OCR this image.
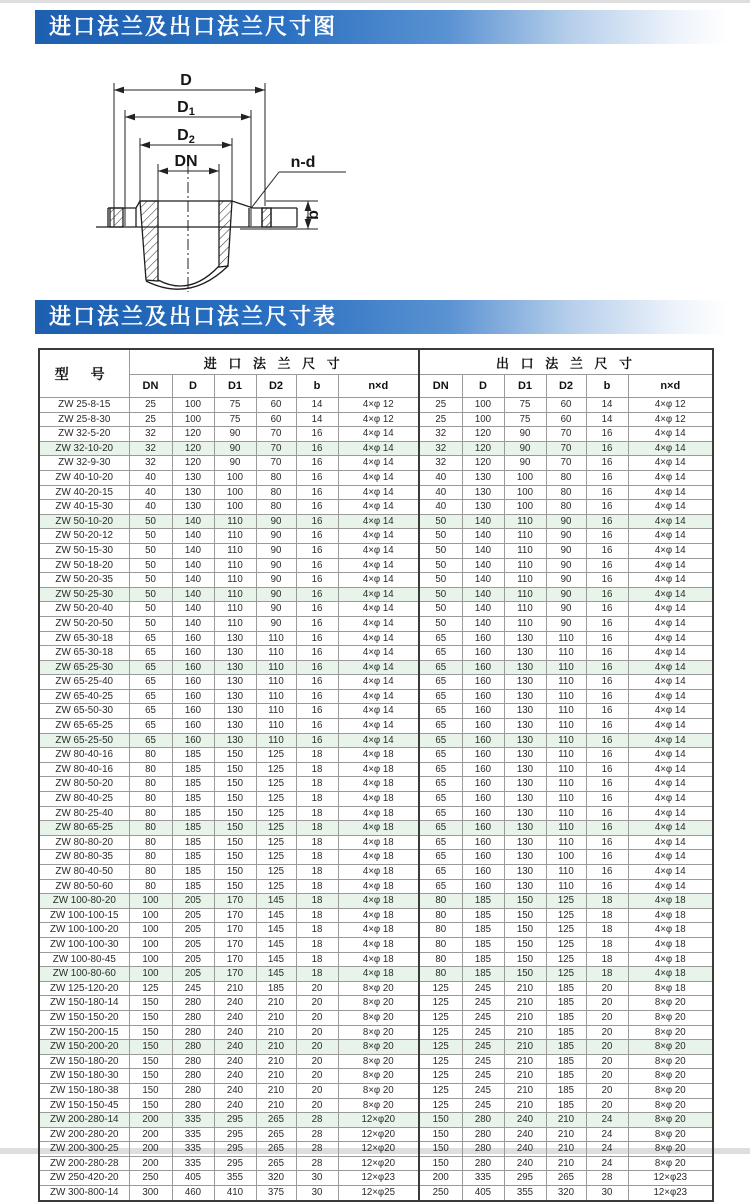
进口法兰及出口法兰尺寸图
D
D1
D2
DN	n-d
b
进口法兰及出口法兰尺寸表
型 号	进 口 法 兰 尺 寸						出 口 法 兰 尺 寸					
	DN	D	D1	D2	b	n×d	DN	D	D1	D2	b	n×d
ZW 25-8-15	25	100	75	60	14	4×φ 12	25	100	75	60	14	4×φ 12
ZW 25-8-30	25	100	75	60	14	4×φ 12	25	100	75	60	14	4×φ 12
ZW 32-5-20	32	120	90	70	16	4×φ 14	32	120	90	70	16	4×φ 14
ZW 32-10-20	32	120	90	70	16	4×φ 14	32	120	90	70	16	4×φ 14
ZW 32-9-30	32	120	90	70	16	4×φ 14	32	120	90	70	16	4×φ 14
ZW 40-10-20	40	130	100	80	16	4×φ 14	40	130	100	80	16	4×φ 14
ZW 40-20-15	40	130	100	80	16	4×φ 14	40	130	100	80	16	4×φ 14
ZW 40-15-30	40	130	100	80	16	4×φ 14	40	130	100	80	16	4×φ 14
ZW 50-10-20	50	140	110	90	16	4×φ 14	50	140	110	90	16	4×φ 14
ZW 50-20-12	50	140	110	90	16	4×φ 14	50	140	110	90	16	4×φ 14
ZW 50-15-30	50	140	110	90	16	4×φ 14	50	140	110	90	16	4×φ 14
ZW 50-18-20	50	140	110	90	16	4×φ 14	50	140	110	90	16	4×φ 14
ZW 50-20-35	50	140	110	90	16	4×φ 14	50	140	110	90	16	4×φ 14
ZW 50-25-30	50	140	110	90	16	4×φ 14	50	140	110	90	16	4×φ 14
ZW 50-20-40	50	140	110	90	16	4×φ 14	50	140	110	90	16	4×φ 14
ZW 50-20-50	50	140	110	90	16	4×φ 14	50	140	110	90	16	4×φ 14
ZW 65-30-18	65	160	130	110	16	4×φ 14	65	160	130	110	16	4×φ 14
ZW 65-30-18	65	160	130	110	16	4×φ 14	65	160	130	110	16	4×φ 14
ZW 65-25-30	65	160	130	110	16	4×φ 14	65	160	130	110	16	4×φ 14
ZW 65-25-40	65	160	130	110	16	4×φ 14	65	160	130	110	16	4×φ 14
ZW 65-40-25	65	160	130	110	16	4×φ 14	65	160	130	110	16	4×φ 14
ZW 65-50-30	65	160	130	110	16	4×φ 14	65	160	130	110	16	4×φ 14
ZW 65-65-25	65	160	130	110	16	4×φ 14	65	160	130	110	16	4×φ 14
ZW 65-25-50	65	160	130	110	16	4×φ 14	65	160	130	110	16	4×φ 14
ZW 80-40-16	80	185	150	125	18	4×φ 18	65	160	130	110	16	4×φ 14
ZW 80-40-16	80	185	150	125	18	4×φ 18	65	160	130	110	16	4×φ 14
ZW 80-50-20	80	185	150	125	18	4×φ 18	65	160	130	110	16	4×φ 14
ZW 80-40-25	80	185	150	125	18	4×φ 18	65	160	130	110	16	4×φ 14
ZW 80-25-40	80	185	150	125	18	4×φ 18	65	160	130	110	16	4×φ 14
ZW 80-65-25	80	185	150	125	18	4×φ 18	65	160	130	110	16	4×φ 14
ZW 80-80-20	80	185	150	125	18	4×φ 18	65	160	130	110	16	4×φ 14
ZW 80-80-35	80	185	150	125	18	4×φ 18	65	160	130	100	16	4×φ 14
ZW 80-40-50	80	185	150	125	18	4×φ 18	65	160	130	110	16	4×φ 14
ZW 80-50-60	80	185	150	125	18	4×φ 18	65	160	130	110	16	4×φ 14
ZW 100-80-20	100	205	170	145	18	4×φ 18	80	185	150	125	18	4×φ 18
ZW 100-100-15	100	205	170	145	18	4×φ 18	80	185	150	125	18	4×φ 18
ZW 100-100-20	100	205	170	145	18	4×φ 18	80	185	150	125	18	4×φ 18
ZW 100-100-30	100	205	170	145	18	4×φ 18	80	185	150	125	18	4×φ 18
ZW 100-80-45	100	205	170	145	18	4×φ 18	80	185	150	125	18	4×φ 18
ZW 100-80-60	100	205	170	145	18	4×φ 18	80	185	150	125	18	4×φ 18
ZW 125-120-20	125	245	210	185	20	8×φ 20	125	245	210	185	20	8×φ 18
ZW 150-180-14	150	280	240	210	20	8×φ 20	125	245	210	185	20	8×φ 20
ZW 150-150-20	150	280	240	210	20	8×φ 20	125	245	210	185	20	8×φ 20
ZW 150-200-15	150	280	240	210	20	8×φ 20	125	245	210	185	20	8×φ 20
ZW 150-200-20	150	280	240	210	20	8×φ 20	125	245	210	185	20	8×φ 20
ZW 150-180-20	150	280	240	210	20	8×φ 20	125	245	210	185	20	8×φ 20
ZW 150-180-30	150	280	240	210	20	8×φ 20	125	245	210	185	20	8×φ 20
ZW 150-180-38	150	280	240	210	20	8×φ 20	125	245	210	185	20	8×φ 20
ZW 150-150-45	150	280	240	210	20	8×φ 20	125	245	210	185	20	8×φ 20
ZW 200-280-14	200	335	295	265	28	12×φ20	150	280	240	210	24	8×φ 20
ZW 200-280-20	200	335	295	265	28	12×φ20	150	280	240	210	24	8×φ 20
ZW 200-300-25	200	335	295	265	28	12×φ20	150	280	240	210	24	8×φ 20
ZW 200-280-28	200	335	295	265	28	12×φ20	150	280	240	210	24	8×φ 20
ZW 250-420-20	250	405	355	320	30	12×φ23	200	335	295	265	28	12×φ23
ZW 300-800-14	300	460	410	375	30	12×φ25	250	405	355	320	30	12×φ23
